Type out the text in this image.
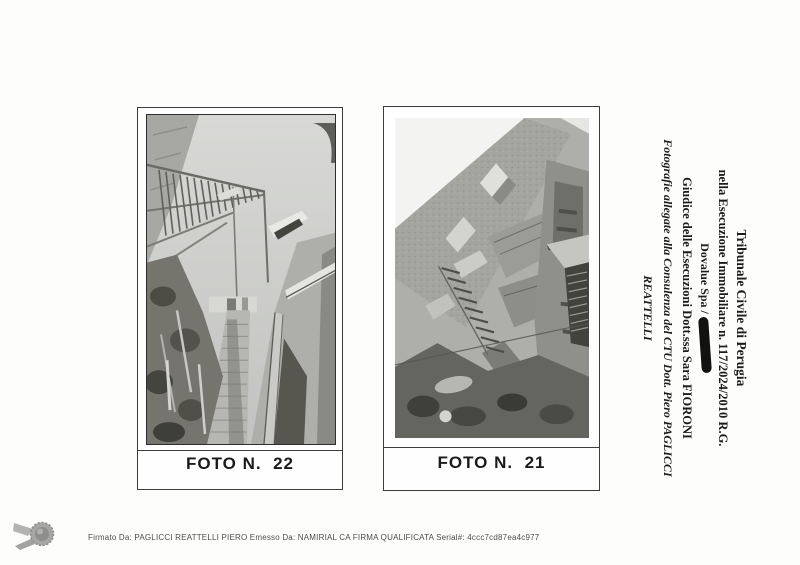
FOTO N.  22	FOTO N.  21
Tribunale Civile di Perugia
nella Esecuzione Immobiliare n. 117/2024/2010 R.G.
Dovalue Spa /
Giudice delle Esecuzioni Dott.ssa Sara FIORONI
Fotografie allegate alla Consulenza del CTU Dott. Piero PAGLICCI REATTELLI
Firmato Da: PAGLICCI REATTELLI PIERO Emesso Da: NAMIRIAL CA FIRMA QUALIFICATA Serial#: 4ccc7cd87ea4c977
